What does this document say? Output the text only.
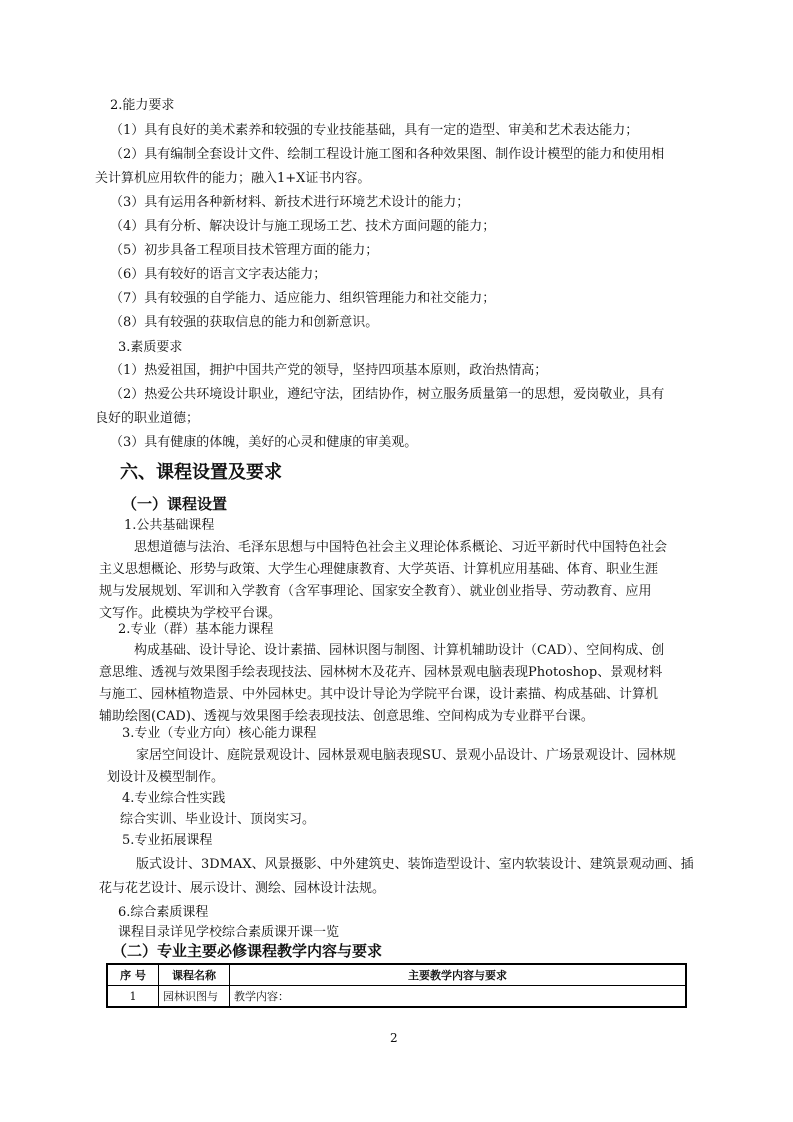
2.能力要求
（1）具有良好的美术素养和较强的专业技能基础，具有一定的造型、审美和艺术表达能力；
（2）具有编制全套设计文件、绘制工程设计施工图和各种效果图、制作设计模型的能力和使用相
关计算机应用软件的能力；融入1+X证书内容。
（3）具有运用各种新材料、新技术进行环境艺术设计的能力；
（4）具有分析、解决设计与施工现场工艺、技术方面问题的能力；
（5）初步具备工程项目技术管理方面的能力；
（6）具有较好的语言文字表达能力；
（7）具有较强的自学能力、适应能力、组织管理能力和社交能力；
（8）具有较强的获取信息的能力和创新意识。
3.素质要求
（1）热爱祖国，拥护中国共产党的领导，坚持四项基本原则，政治热情高；
（2）热爱公共环境设计职业，遵纪守法，团结协作，树立服务质量第一的思想，爱岗敬业，具有
良好的职业道德；
（3）具有健康的体魄，美好的心灵和健康的审美观。
六、课程设置及要求
（一）课程设置
1.公共基础课程
思想道德与法治、毛泽东思想与中国特色社会主义理论体系概论、习近平新时代中国特色社会
主义思想概论、形势与政策、大学生心理健康教育、大学英语、计算机应用基础、体育、职业生涯
规与发展规划、军训和入学教育（含军事理论、国家安全教育）、就业创业指导、劳动教育、应用
文写作。此模块为学校平台课。
2.专业（群）基本能力课程
构成基础、设计导论、设计素描、园林识图与制图、计算机辅助设计（CAD）、空间构成、创
意思维、透视与效果图手绘表现技法、园林树木及花卉、园林景观电脑表现Photoshop、景观材料
与施工、园林植物造景、中外园林史。其中设计导论为学院平台课，设计素描、构成基础、计算机
辅助绘图(CAD)、透视与效果图手绘表现技法、创意思维、空间构成为专业群平台课。
3.专业（专业方向）核心能力课程
家居空间设计、庭院景观设计、园林景观电脑表现SU、景观小品设计、广场景观设计、园林规
划设计及模型制作。
4.专业综合性实践
综合实训、毕业设计、顶岗实习。
5.专业拓展课程
版式设计、3DMAX、风景摄影、中外建筑史、装饰造型设计、室内软装设计、建筑景观动画、插
花与花艺设计、展示设计、测绘、园林设计法规。
6.综合素质课程
课程目录详见学校综合素质课开课一览
（二）专业主要必修课程教学内容与要求
序 号	课程名称	主要教学内容与要求
1	园林识图与	教学内容：
2
